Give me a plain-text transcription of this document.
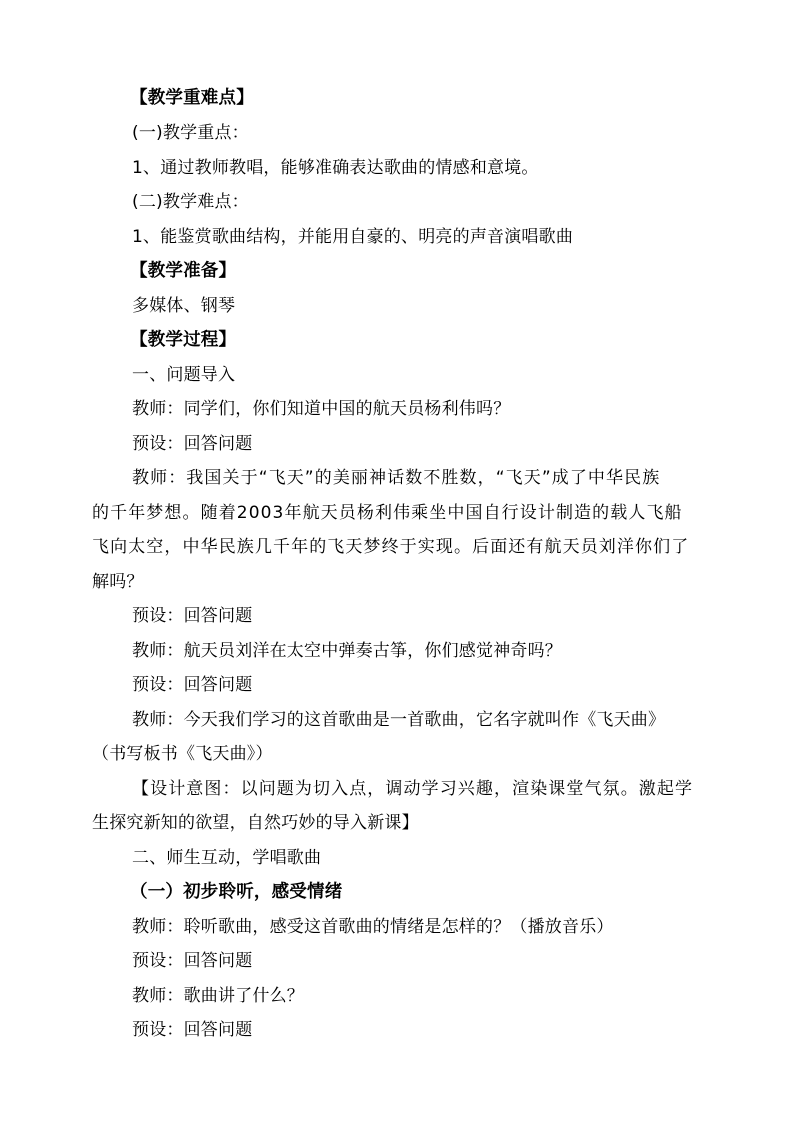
【教学重难点】
(一)教学重点：
1、通过教师教唱，能够准确表达歌曲的情感和意境。
(二)教学难点：
1、能鉴赏歌曲结构，并能用自豪的、明亮的声音演唱歌曲
【教学准备】
多媒体、钢琴
【教学过程】
一、问题导入
教师：同学们，你们知道中国的航天员杨利伟吗？
预设：回答问题
教师：我国关于“飞天”的美丽神话数不胜数，“飞天”成了中华民族
的千年梦想。随着2003年航天员杨利伟乘坐中国自行设计制造的载人飞船
飞向太空，中华民族几千年的飞天梦终于实现。后面还有航天员刘洋你们了
解吗？
预设：回答问题
教师：航天员刘洋在太空中弹奏古筝，你们感觉神奇吗？
预设：回答问题
教师：今天我们学习的这首歌曲是一首歌曲，它名字就叫作《飞天曲》
（书写板书《飞天曲》）
【设计意图：以问题为切入点，调动学习兴趣，渲染课堂气氛。激起学
生探究新知的欲望，自然巧妙的导入新课】
二、师生互动，学唱歌曲
（一）初步聆听，感受情绪
教师：聆听歌曲，感受这首歌曲的情绪是怎样的？（播放音乐）
预设：回答问题
教师：歌曲讲了什么？
预设：回答问题
